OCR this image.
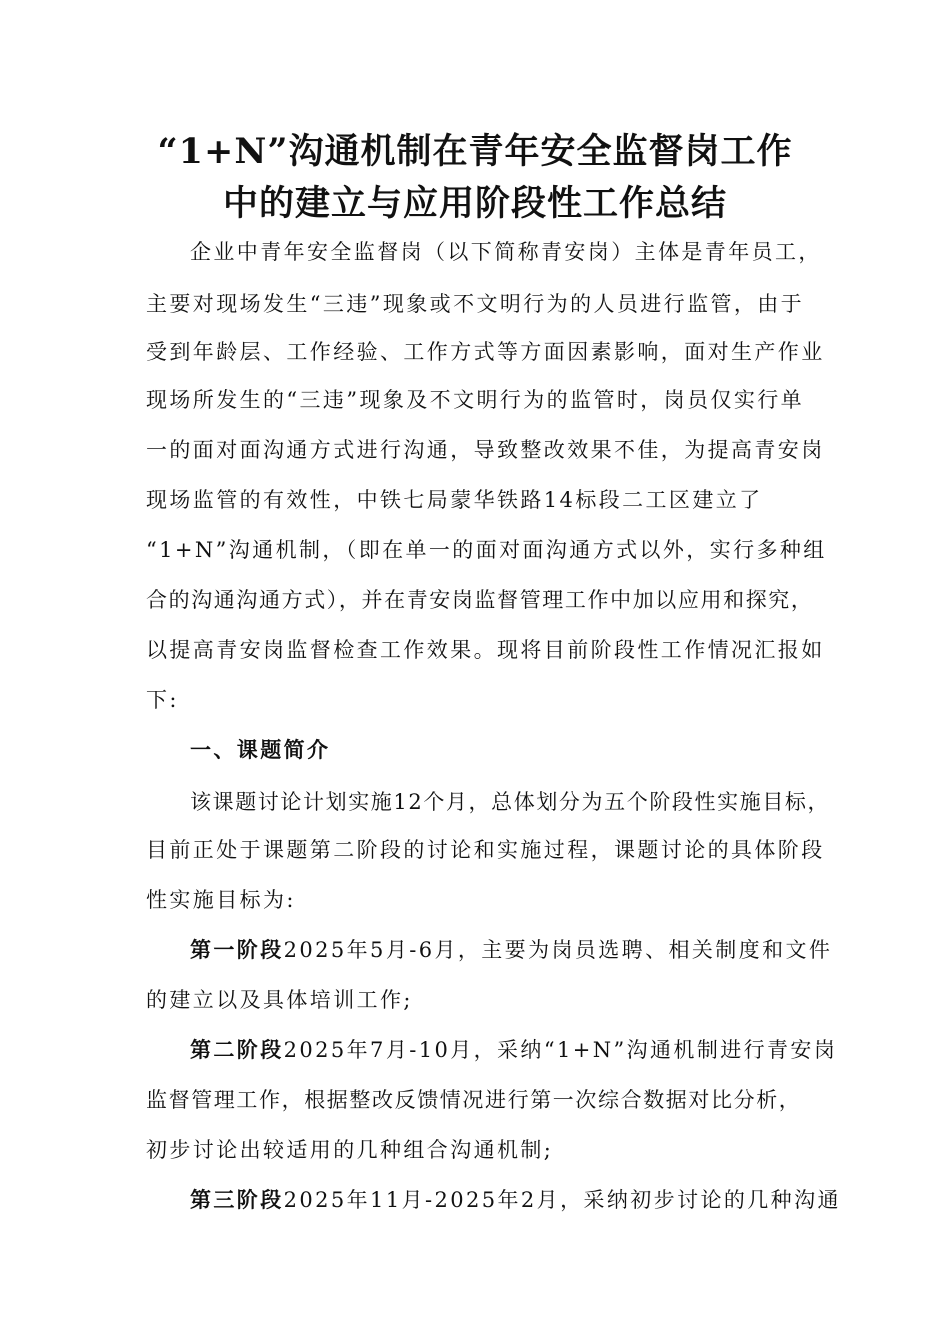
“1+N”沟通机制在青年安全监督岗工作
中的建立与应用阶段性工作总结
企业中青年安全监督岗（以下简称青安岗）主体是青年员工，
主要对现场发生“三违”现象或不文明行为的人员进行监管，由于
受到年龄层、工作经验、工作方式等方面因素影响，面对生产作业
现场所发生的“三违”现象及不文明行为的监管时，岗员仅实行单
一的面对面沟通方式进行沟通，导致整改效果不佳，为提高青安岗
现场监管的有效性，中铁七局蒙华铁路14标段二工区建立了
“1+N”沟通机制，（即在单一的面对面沟通方式以外，实行多种组
合的沟通沟通方式），并在青安岗监督管理工作中加以应用和探究，
以提高青安岗监督检查工作效果。现将目前阶段性工作情况汇报如
下:
一、课题简介
该课题讨论计划实施12个月，总体划分为五个阶段性实施目标，
目前正处于课题第二阶段的讨论和实施过程，课题讨论的具体阶段
性实施目标为:
第一阶段2025年5月-6月，主要为岗员选聘、相关制度和文件
的建立以及具体培训工作;
第二阶段2025年7月-10月，采纳“1+N”沟通机制进行青安岗
监督管理工作，根据整改反馈情况进行第一次综合数据对比分析，
初步讨论出较适用的几种组合沟通机制;
第三阶段2025年11月-2025年2月，采纳初步讨论的几种沟通
